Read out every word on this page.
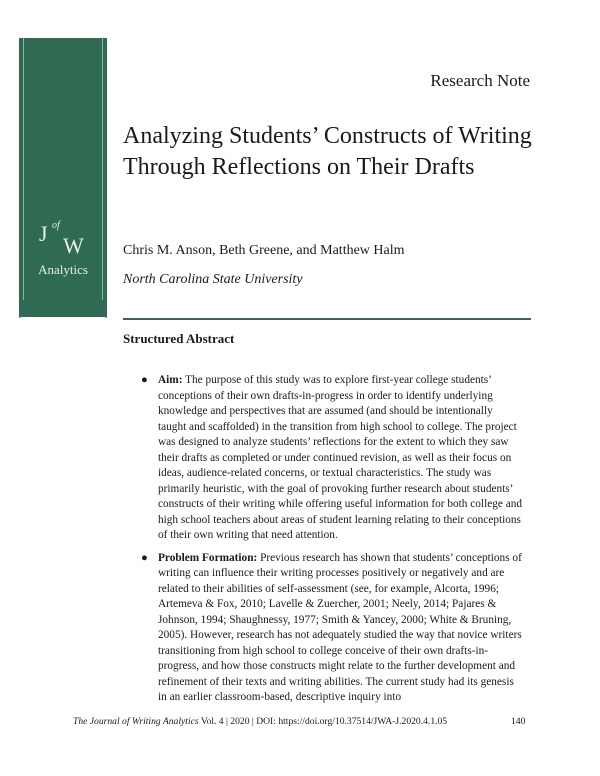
J of
W
Analytics
Research Note
Analyzing Students’ Constructs of Writing Through Reflections on Their Drafts
Chris M. Anson, Beth Greene, and Matthew Halm
North Carolina State University
Structured Abstract
● Aim: The purpose of this study was to explore first-year college students’ conceptions of their own drafts-in-progress in order to identify underlying knowledge and perspectives that are assumed (and should be intentionally taught and scaffolded) in the transition from high school to college. The project was designed to analyze students’ reflections for the extent to which they saw their drafts as completed or under continued revision, as well as their focus on ideas, audience-related concerns, or textual characteristics. The study was primarily heuristic, with the goal of provoking further research about students’ constructs of their writing while offering useful information for both college and high school teachers about areas of student learning relating to their conceptions of their own writing that need attention.
● Problem Formation: Previous research has shown that students’ conceptions of writing can influence their writing processes positively or negatively and are related to their abilities of self-assessment (see, for example, Alcorta, 1996; Artemeva & Fox, 2010; Lavelle & Zuercher, 2001; Neely, 2014; Pajares & Johnson, 1994; Shaughnessy, 1977; Smith & Yancey, 2000; White & Bruning, 2005). However, research has not adequately studied the way that novice writers transitioning from high school to college conceive of their own drafts-in-progress, and how those constructs might relate to the further development and refinement of their texts and writing abilities. The current study had its genesis in an earlier classroom-based, descriptive inquiry into
The Journal of Writing Analytics Vol. 4 | 2020 | DOI: https://doi.org/10.37514/JWA-J.2020.4.1.05	140
